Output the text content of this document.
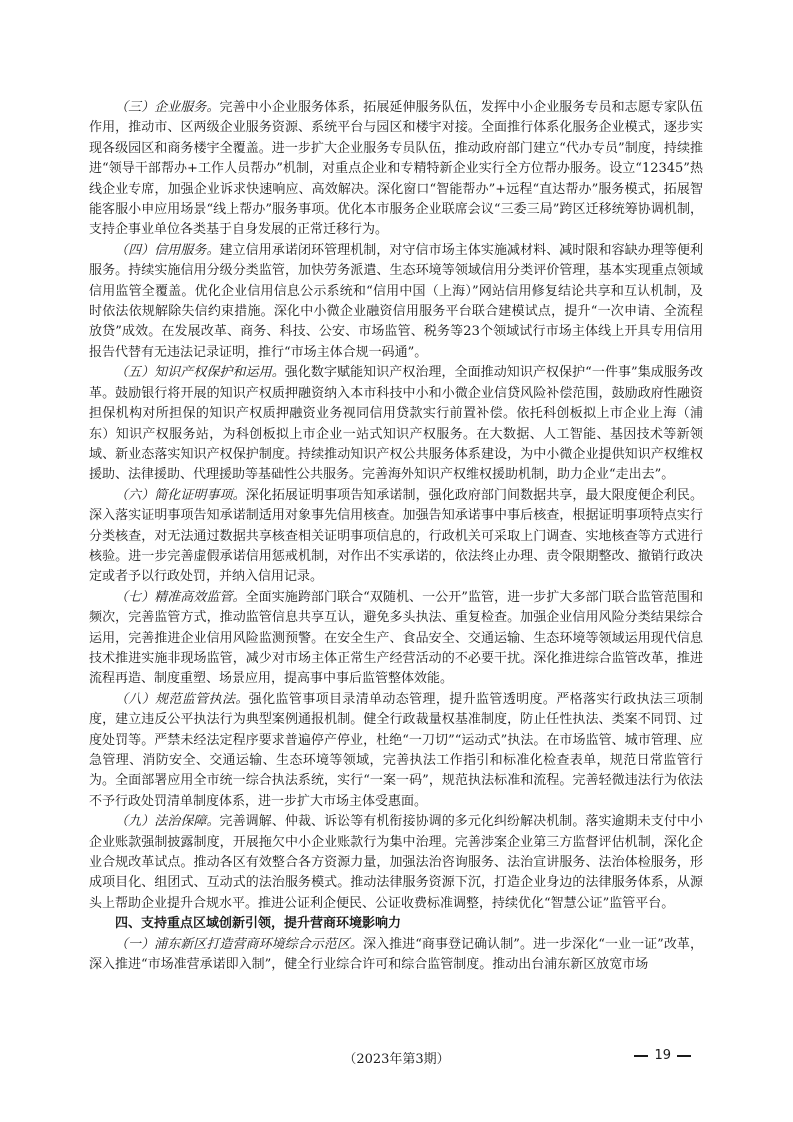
（三）企业服务。完善中小企业服务体系，拓展延伸服务队伍，发挥中小企业服务专员和志愿专家队伍作用，推动市、区两级企业服务资源、系统平台与园区和楼宇对接。全面推行体系化服务企业模式，逐步实现各级园区和商务楼宇全覆盖。进一步扩大企业服务专员队伍，推动政府部门建立“代办专员”制度，持续推进“领导干部帮办+工作人员帮办”机制，对重点企业和专精特新企业实行全方位帮办服务。设立“12345”热线企业专席，加强企业诉求快速响应、高效解决。深化窗口“智能帮办”+远程“直达帮办”服务模式，拓展智能客服小申应用场景“线上帮办”服务事项。优化本市服务企业联席会议“三委三局”跨区迁移统筹协调机制，支持企事业单位各类基于自身发展的正常迁移行为。

（四）信用服务。建立信用承诺闭环管理机制，对守信市场主体实施减材料、减时限和容缺办理等便利服务。持续实施信用分级分类监管，加快劳务派遣、生态环境等领域信用分类评价管理，基本实现重点领域信用监管全覆盖。优化企业信用信息公示系统和“信用中国（上海）”网站信用修复结论共享和互认机制，及时依法依规解除失信约束措施。深化中小微企业融资信用服务平台联合建模试点，提升“一次申请、全流程放贷”成效。在发展改革、商务、科技、公安、市场监管、税务等23个领域试行市场主体线上开具专用信用报告代替有无违法记录证明，推行“市场主体合规一码通”。

（五）知识产权保护和运用。强化数字赋能知识产权治理，全面推动知识产权保护“一件事”集成服务改革。鼓励银行将开展的知识产权质押融资纳入本市科技中小和小微企业信贷风险补偿范围，鼓励政府性融资担保机构对所担保的知识产权质押融资业务视同信用贷款实行前置补偿。依托科创板拟上市企业上海（浦东）知识产权服务站，为科创板拟上市企业一站式知识产权服务。在大数据、人工智能、基因技术等新领域、新业态落实知识产权保护制度。持续推动知识产权公共服务体系建设，为中小微企业提供知识产权维权援助、法律援助、代理援助等基础性公共服务。完善海外知识产权维权援助机制，助力企业“走出去”。

（六）简化证明事项。深化拓展证明事项告知承诺制，强化政府部门间数据共享，最大限度便企利民。深入落实证明事项告知承诺制适用对象事先信用核查。加强告知承诺事中事后核查，根据证明事项特点实行分类核查，对无法通过数据共享核查相关证明事项信息的，行政机关可采取上门调查、实地核查等方式进行核验。进一步完善虚假承诺信用惩戒机制，对作出不实承诺的，依法终止办理、责令限期整改、撤销行政决定或者予以行政处罚，并纳入信用记录。

（七）精准高效监管。全面实施跨部门联合“双随机、一公开”监管，进一步扩大多部门联合监管范围和频次，完善监管方式，推动监管信息共享互认，避免多头执法、重复检查。加强企业信用风险分类结果综合运用，完善推进企业信用风险监测预警。在安全生产、食品安全、交通运输、生态环境等领域运用现代信息技术推进实施非现场监管，减少对市场主体正常生产经营活动的不必要干扰。深化推进综合监管改革，推进流程再造、制度重塑、场景应用，提高事中事后监管整体效能。

（八）规范监管执法。强化监管事项目录清单动态管理，提升监管透明度。严格落实行政执法三项制度，建立违反公平执法行为典型案例通报机制。健全行政裁量权基准制度，防止任性执法、类案不同罚、过度处罚等。严禁未经法定程序要求普遍停产停业，杜绝“一刀切”“运动式”执法。在市场监管、城市管理、应急管理、消防安全、交通运输、生态环境等领域，完善执法工作指引和标准化检查表单，规范日常监管行为。全面部署应用全市统一综合执法系统，实行“一案一码”，规范执法标准和流程。完善轻微违法行为依法不予行政处罚清单制度体系，进一步扩大市场主体受惠面。

（九）法治保障。完善调解、仲裁、诉讼等有机衔接协调的多元化纠纷解决机制。落实逾期未支付中小企业账款强制披露制度，开展拖欠中小企业账款行为集中治理。完善涉案企业第三方监督评估机制，深化企业合规改革试点。推动各区有效整合各方资源力量，加强法治咨询服务、法治宣讲服务、法治体检服务，形成项目化、组团式、互动式的法治服务模式。推动法律服务资源下沉，打造企业身边的法律服务体系，从源头上帮助企业提升合规水平。推进公证利企便民、公证收费标准调整，持续优化“智慧公证”监管平台。

四、支持重点区域创新引领，提升营商环境影响力

（一）浦东新区打造营商环境综合示范区。深入推进“商事登记确认制”。进一步深化“一业一证”改革，深入推进“市场准营承诺即入制”，健全行业综合许可和综合监管制度。推动出台浦东新区放宽市场

（2023年第3期）	19
